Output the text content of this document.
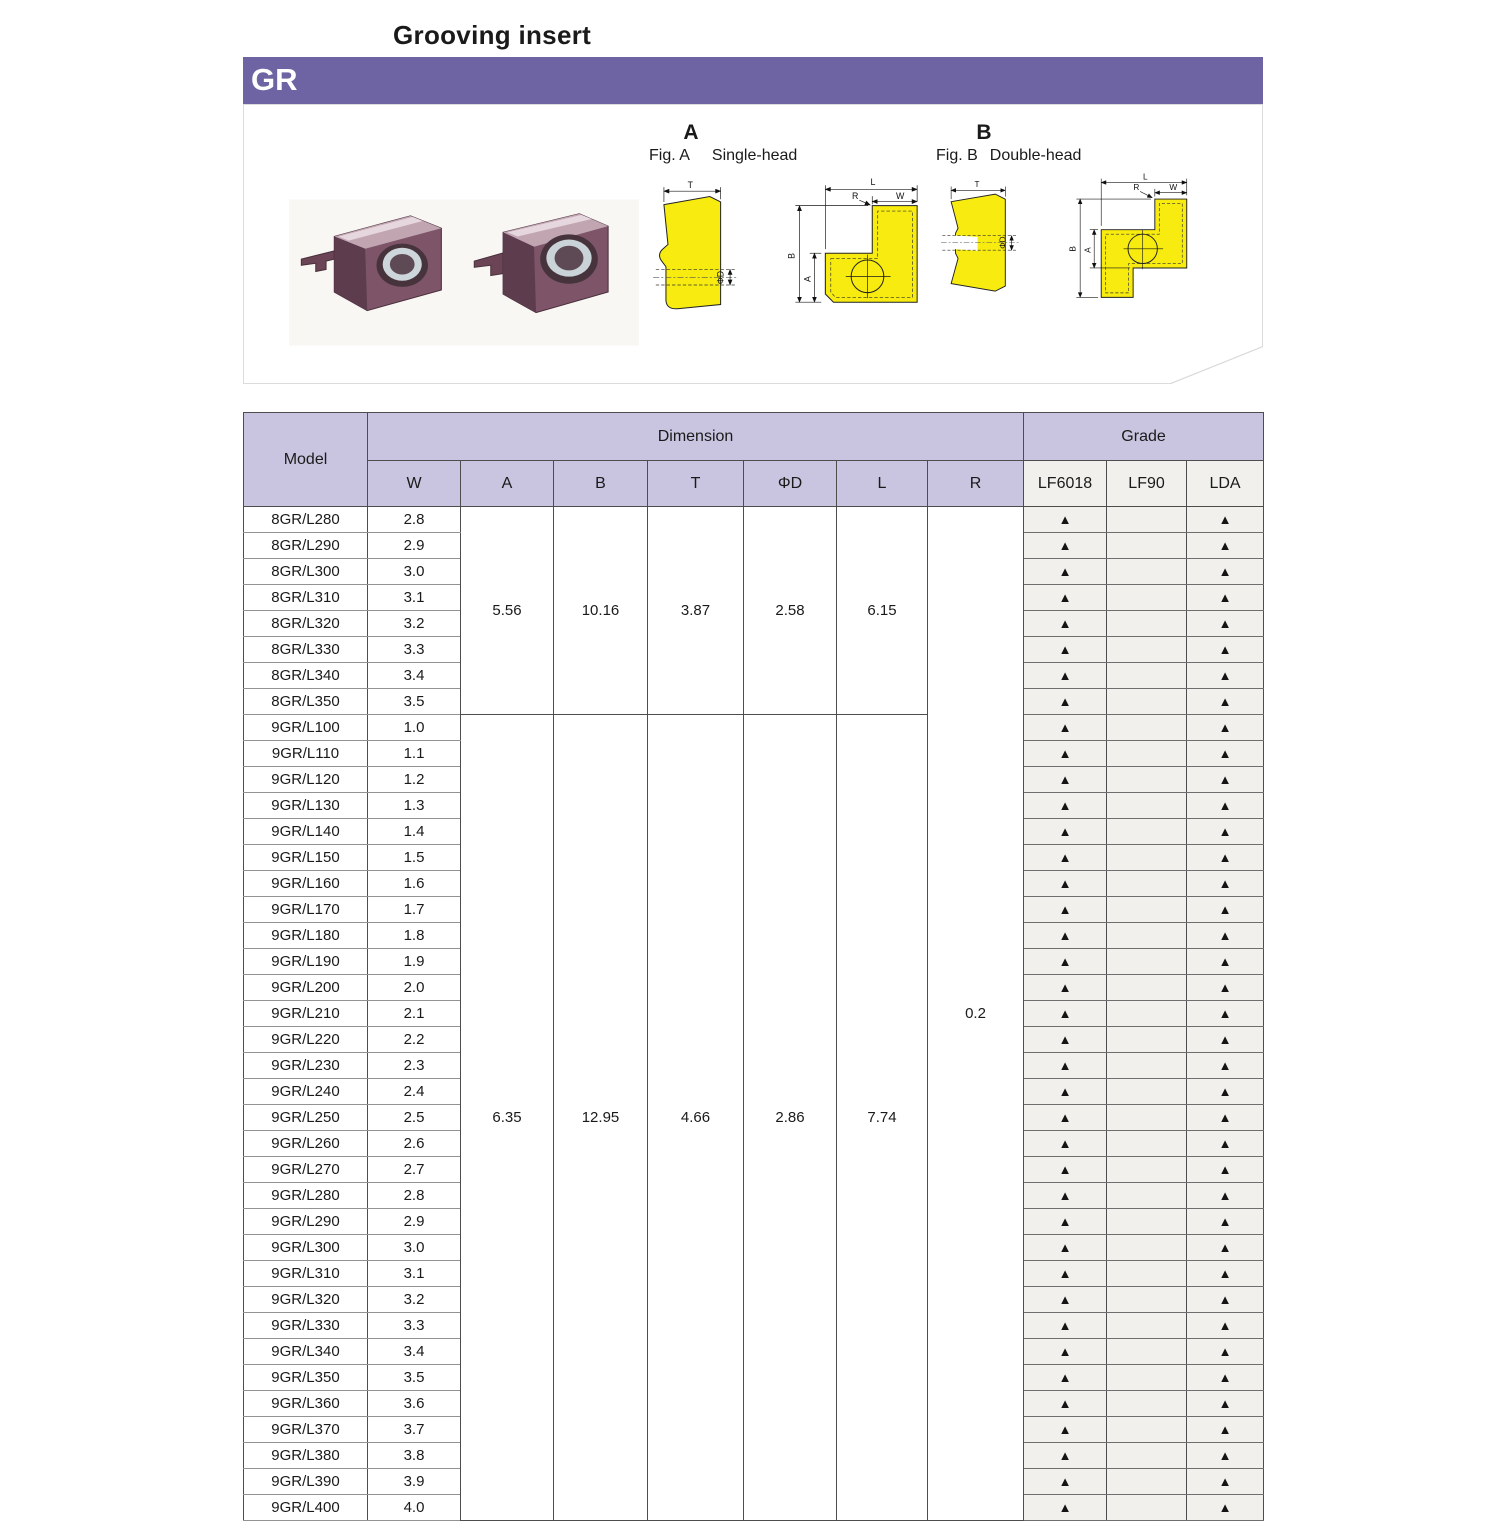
Grooving insert
GR
A
Fig. A Single-head
T
ΦD
L
W
R
B
A
B
Fig. B Double-head
T
ΦD
L
W
R
B A
Model	Dimension							Grade		
	W	A	B	T	ΦD	L	R	LF6018	LF90	LDA
8GR/L280	2.8	5.56	10.16	3.87	2.58	6.15	0.2	▲		▲
8GR/L290	2.9							▲		▲
8GR/L300	3.0							▲		▲
8GR/L310	3.1							▲		▲
8GR/L320	3.2							▲		▲
8GR/L330	3.3							▲		▲
8GR/L340	3.4							▲		▲
8GR/L350	3.5							▲		▲
9GR/L100	1.0	6.35	12.95	4.66	2.86	7.74		▲		▲
9GR/L110	1.1							▲		▲
9GR/L120	1.2							▲		▲
9GR/L130	1.3							▲		▲
9GR/L140	1.4							▲		▲
9GR/L150	1.5							▲		▲
9GR/L160	1.6							▲		▲
9GR/L170	1.7							▲		▲
9GR/L180	1.8							▲		▲
9GR/L190	1.9							▲		▲
9GR/L200	2.0							▲		▲
9GR/L210	2.1							▲		▲
9GR/L220	2.2							▲		▲
9GR/L230	2.3							▲		▲
9GR/L240	2.4							▲		▲
9GR/L250	2.5							▲		▲
9GR/L260	2.6							▲		▲
9GR/L270	2.7							▲		▲
9GR/L280	2.8							▲		▲
9GR/L290	2.9							▲		▲
9GR/L300	3.0							▲		▲
9GR/L310	3.1							▲		▲
9GR/L320	3.2							▲		▲
9GR/L330	3.3							▲		▲
9GR/L340	3.4							▲		▲
9GR/L350	3.5							▲		▲
9GR/L360	3.6							▲		▲
9GR/L370	3.7							▲		▲
9GR/L380	3.8							▲		▲
9GR/L390	3.9							▲		▲
9GR/L400	4.0							▲		▲
